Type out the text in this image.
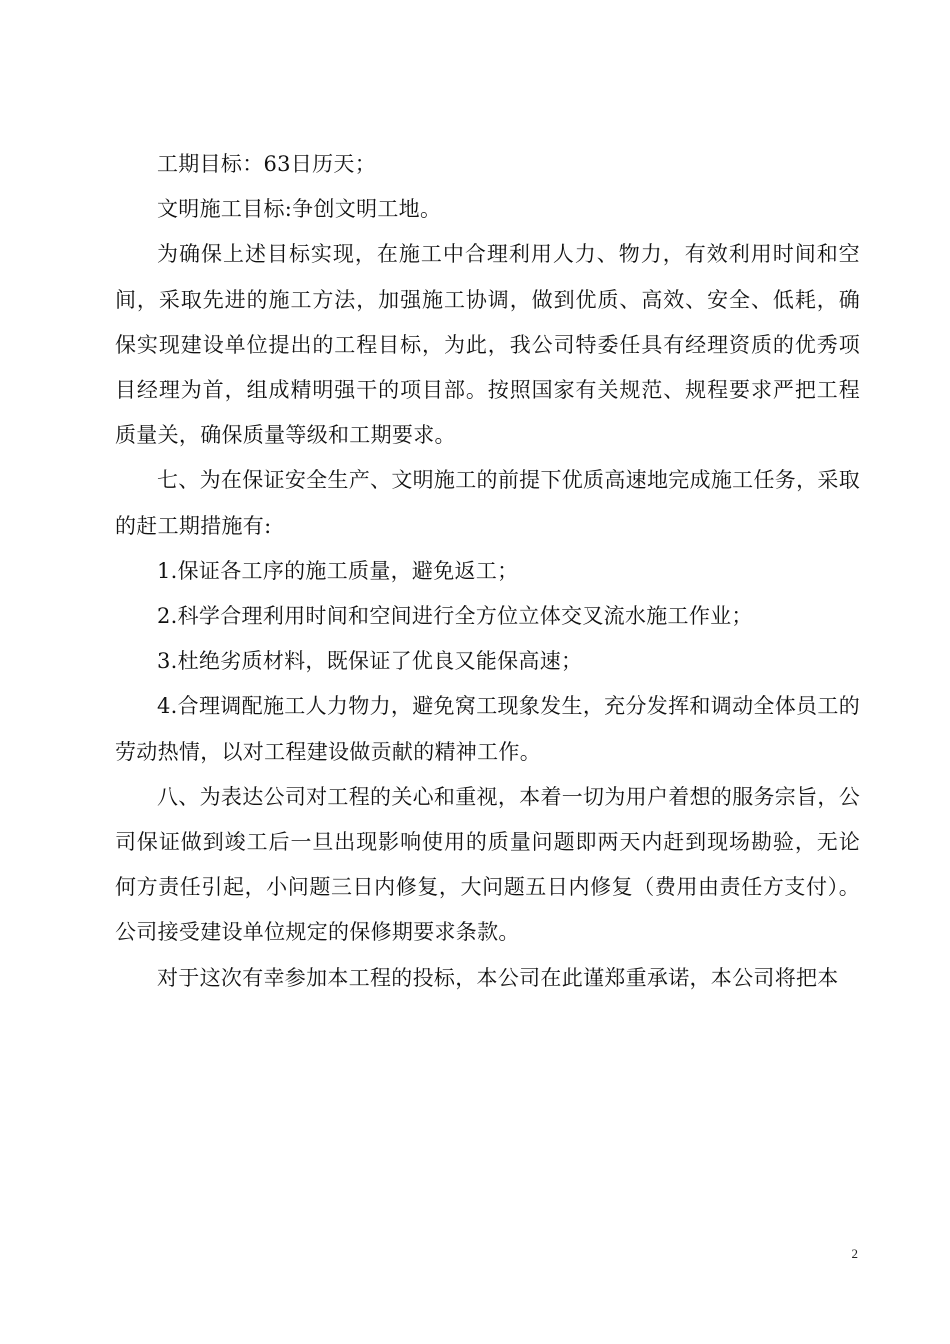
工期目标：63日历天；

文明施工目标:争创文明工地。

为确保上述目标实现，在施工中合理利用人力、物力，有效利用时间和空间，采取先进的施工方法，加强施工协调，做到优质、高效、安全、低耗，确保实现建设单位提出的工程目标，为此，我公司特委任具有经理资质的优秀项目经理为首，组成精明强干的项目部。按照国家有关规范、规程要求严把工程质量关，确保质量等级和工期要求。

七、为在保证安全生产、文明施工的前提下优质高速地完成施工任务，采取的赶工期措施有:

1.保证各工序的施工质量，避免返工；

2.科学合理利用时间和空间进行全方位立体交叉流水施工作业；

3.杜绝劣质材料，既保证了优良又能保高速；

4.合理调配施工人力物力，避免窝工现象发生，充分发挥和调动全体员工的劳动热情，以对工程建设做贡献的精神工作。

八、为表达公司对工程的关心和重视，本着一切为用户着想的服务宗旨，公司保证做到竣工后一旦出现影响使用的质量问题即两天内赶到现场勘验，无论何方责任引起，小问题三日内修复，大问题五日内修复（费用由责任方支付）。公司接受建设单位规定的保修期要求条款。

对于这次有幸参加本工程的投标，本公司在此谨郑重承诺，本公司将把本

2
